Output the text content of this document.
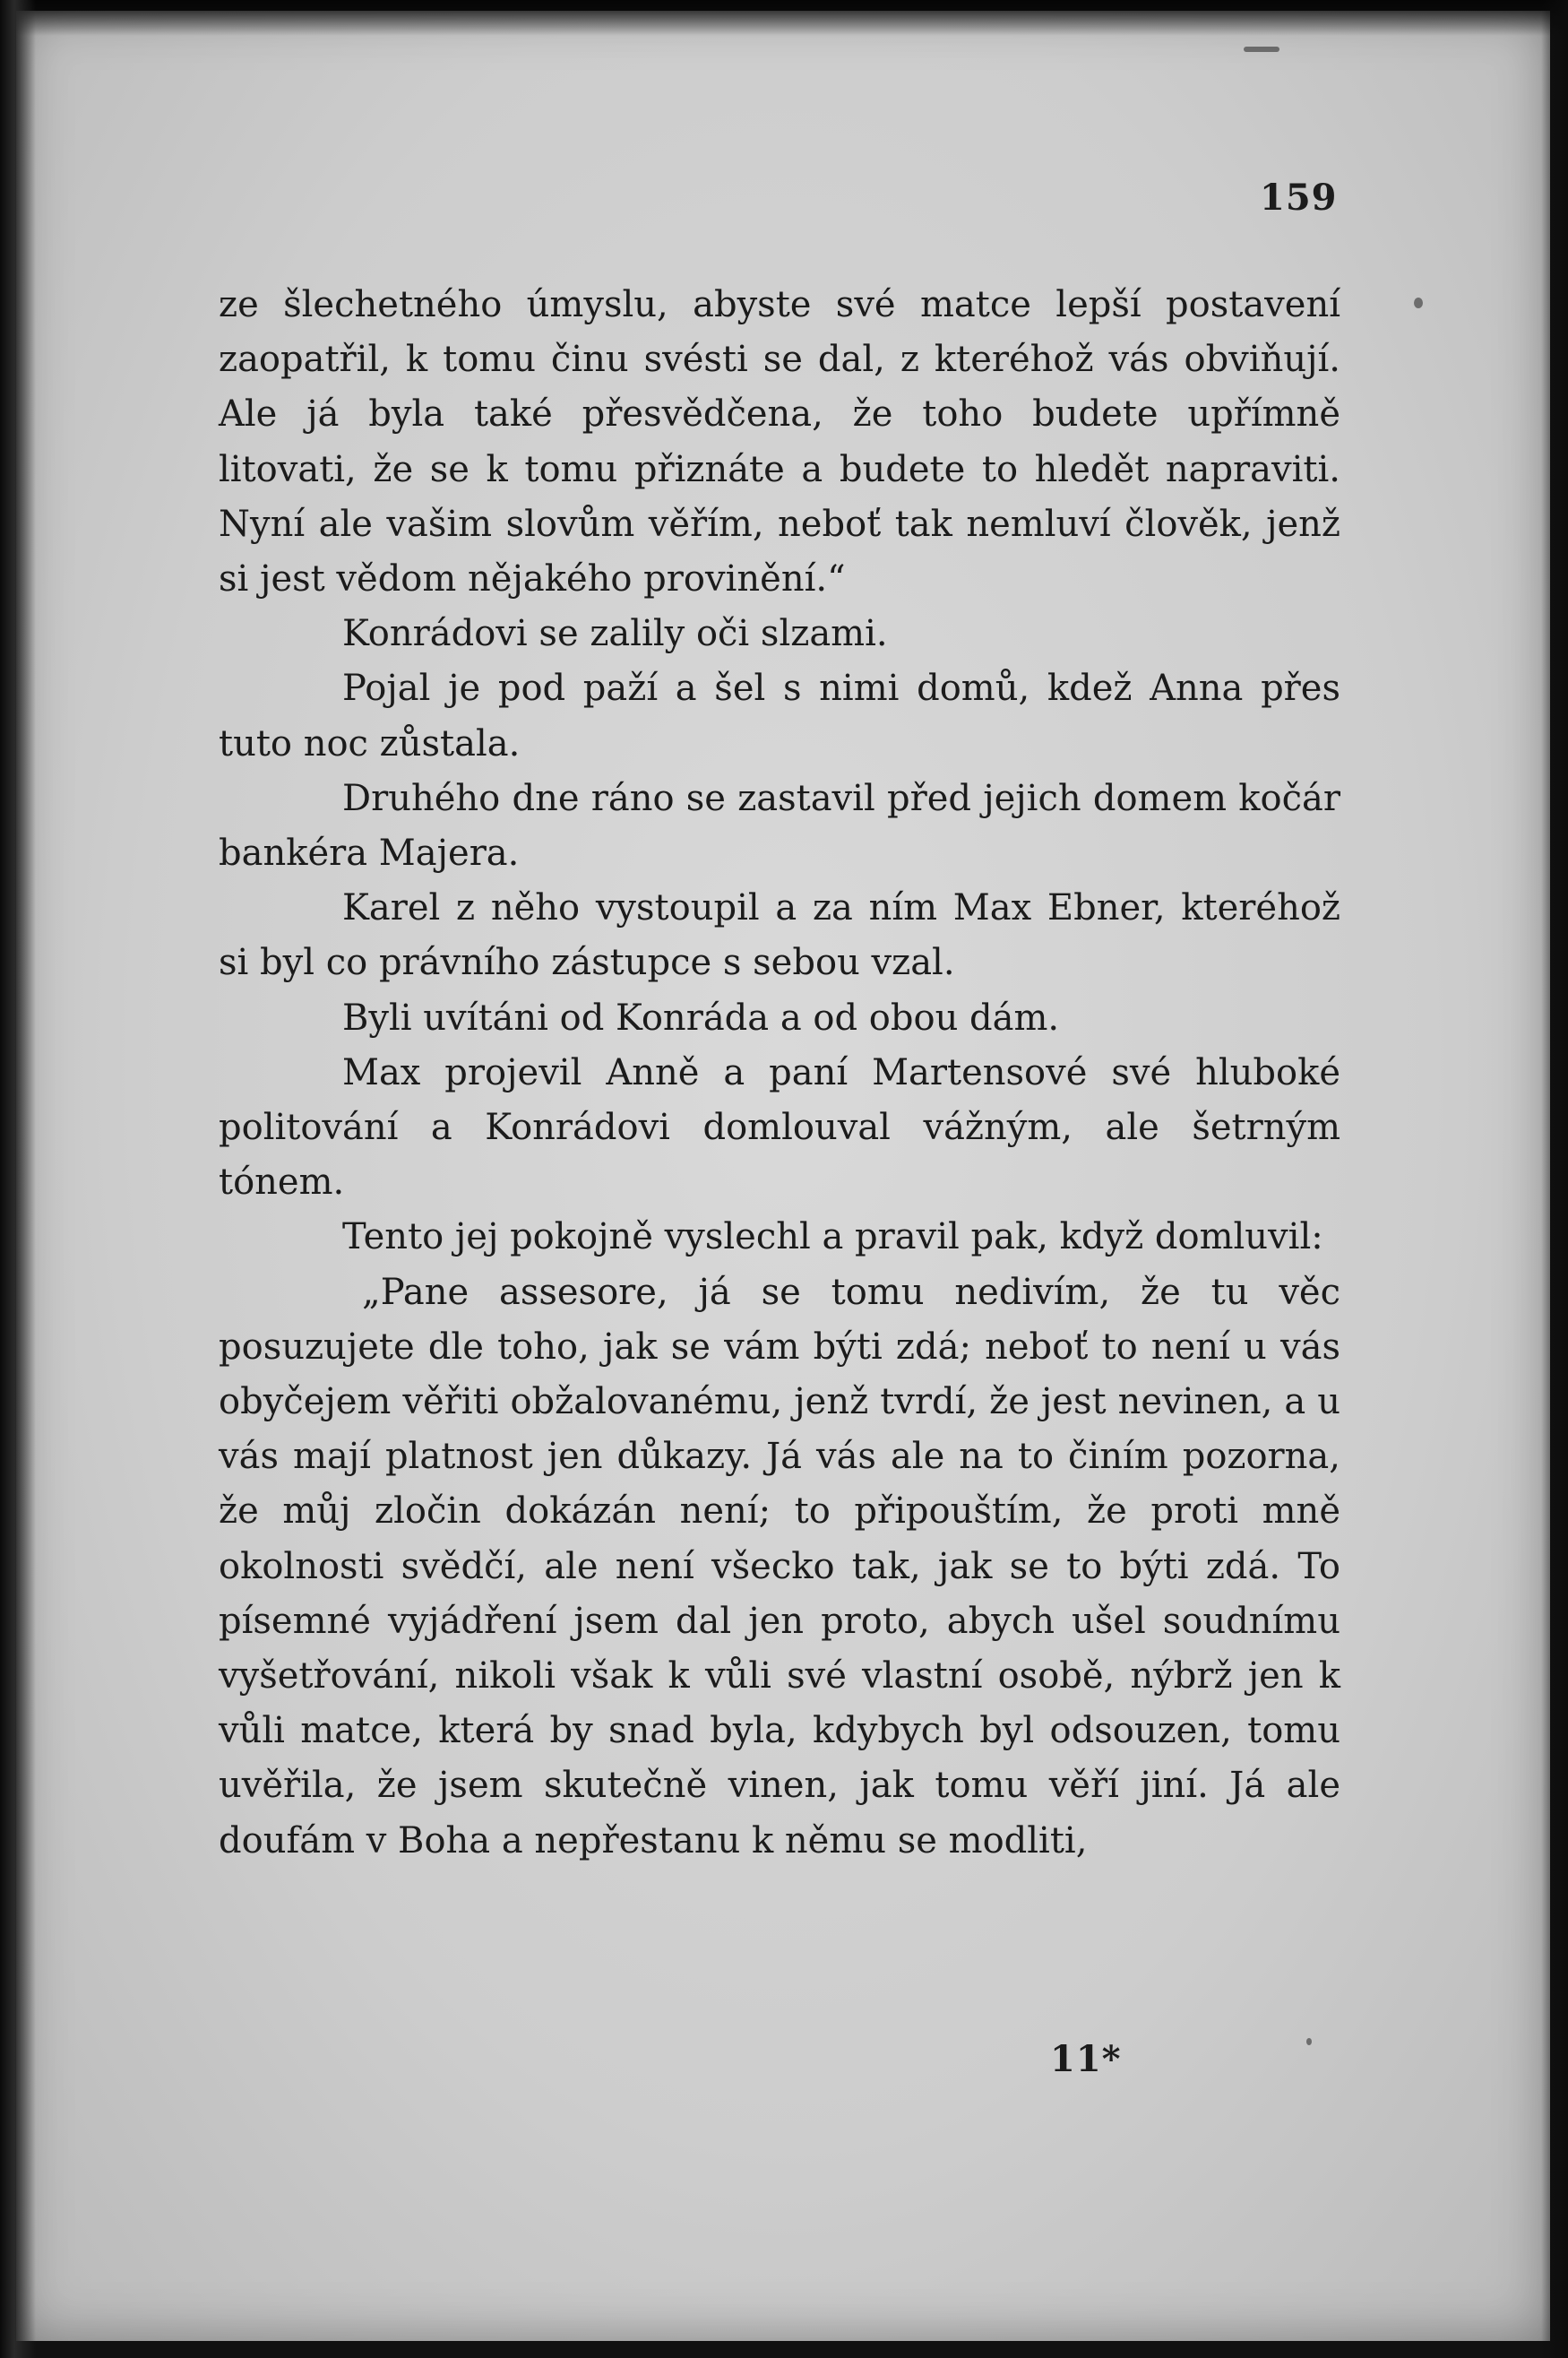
159

ze šlechetného úmyslu, abyste své matce lepší postavení zaopatřil, k tomu činu svésti se dal, z kteréhož vás obviňují. Ale já byla také přesvědčena, že toho budete upřímně litovati, že se k tomu přiznáte a budete to hledět napraviti. Nyní ale vašim slovům věřím, neboť tak nemluví člověk, jenž si jest vědom nějakého provinění.“

Konrádovi se zalily oči slzami.

Pojal je pod paží a šel s nimi domů, kdež Anna přes tuto noc zůstala.

Druhého dne ráno se zastavil před jejich domem kočár bankéra Majera.

Karel z něho vystoupil a za ním Max Ebner, kteréhož si byl co právního zástupce s sebou vzal.

Byli uvítáni od Konráda a od obou dám.

Max projevil Anně a paní Martensové své hluboké politování a Konrádovi domlouval vážným, ale šetrným tónem.

Tento jej pokojně vyslechl a pravil pak, když domluvil:

„Pane assesore, já se tomu nedivím, že tu věc posuzujete dle toho, jak se vám býti zdá; neboť to není u vás obyčejem věřiti obžalovanému, jenž tvrdí, že jest nevinen, a u vás mají platnost jen důkazy. Já vás ale na to činím pozorna, že můj zločin dokázán není; to připouštím, že proti mně okolnosti svědčí, ale není všecko tak, jak se to býti zdá. To písemné vyjádření jsem dal jen proto, abych ušel soudnímu vyšetřování, nikoli však k vůli své vlastní osobě, nýbrž jen k vůli matce, která by snad byla, kdybych byl odsouzen, tomu uvěřila, že jsem skutečně vinen, jak tomu věří jiní. Já ale doufám v Boha a nepřestanu k němu se modliti,

11*
